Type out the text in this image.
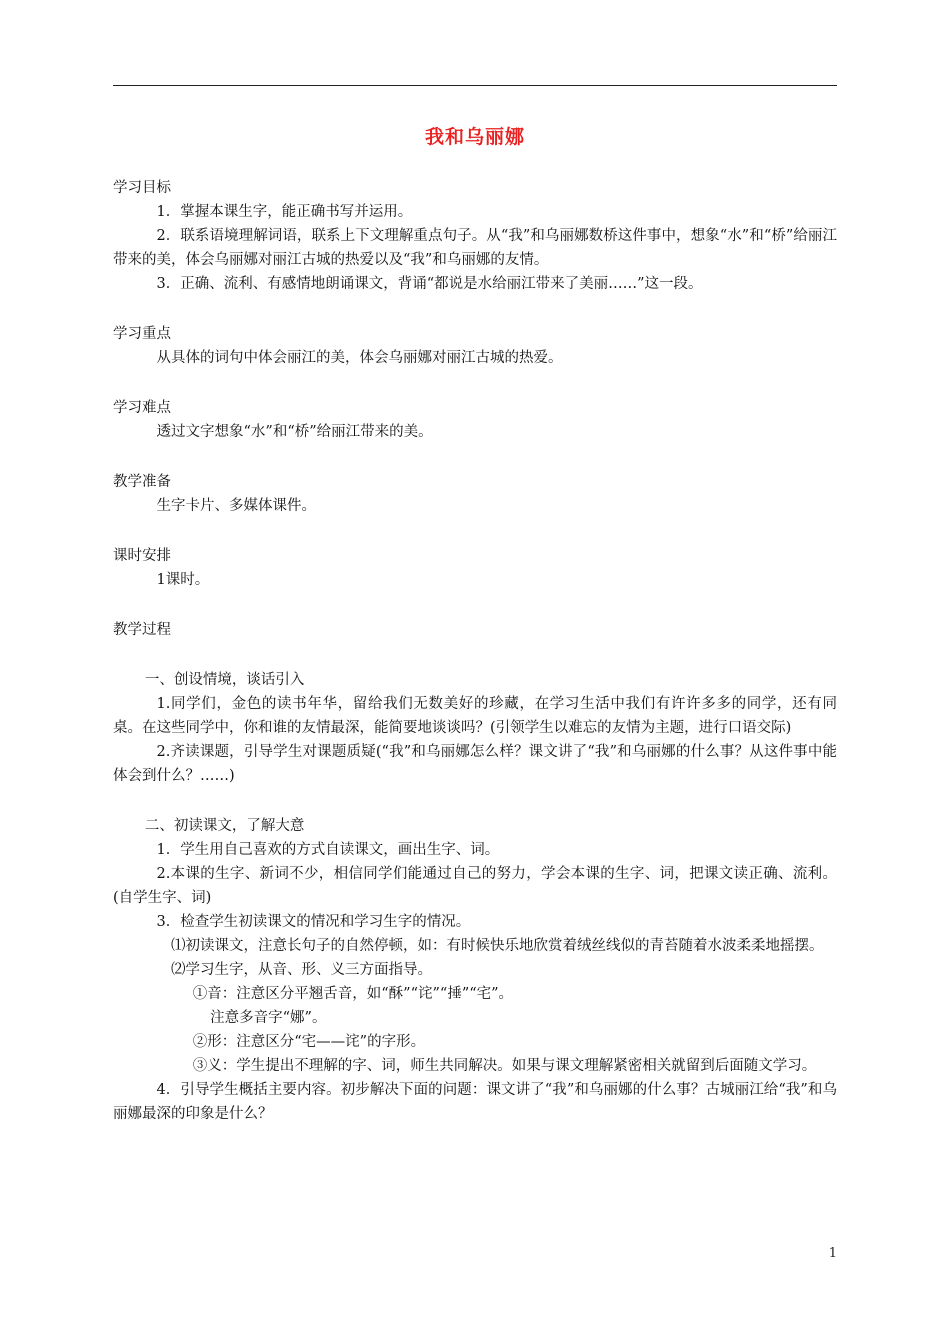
我和乌丽娜

学习目标

1．掌握本课生字，能正确书写并运用。

2．联系语境理解词语，联系上下文理解重点句子。从“我”和乌丽娜数桥这件事中，想象“水”和“桥”给丽江带来的美，体会乌丽娜对丽江古城的热爱以及“我”和乌丽娜的友情。

3．正确、流利、有感情地朗诵课文，背诵“都说是水给丽江带来了美丽……”这一段。

学习重点

从具体的词句中体会丽江的美，体会乌丽娜对丽江古城的热爱。

学习难点

透过文字想象“水”和“桥”给丽江带来的美。

教学准备

生字卡片、多媒体课件。

课时安排

1课时。

教学过程

一、创设情境，谈话引入

1.同学们，金色的读书年华，留给我们无数美好的珍藏，在学习生活中我们有许许多多的同学，还有同桌。在这些同学中，你和谁的友情最深，能简要地谈谈吗？(引领学生以难忘的友情为主题，进行口语交际)

2.齐读课题，引导学生对课题质疑(“我”和乌丽娜怎么样？课文讲了“我”和乌丽娜的什么事？从这件事中能体会到什么？……)

二、初读课文，了解大意

1．学生用自己喜欢的方式自读课文，画出生字、词。

2.本课的生字、新词不少，相信同学们能通过自己的努力，学会本课的生字、词，把课文读正确、流利。(自学生字、词)

3．检查学生初读课文的情况和学习生字的情况。

⑴初读课文，注意长句子的自然停顿，如：有时候快乐地欣赏着绒丝线似的青苔随着水波柔柔地摇摆。

⑵学习生字，从音、形、义三方面指导。

①音：注意区分平翘舌音，如“酥”“诧”“捶”“宅”。

注意多音字“娜”。

②形：注意区分“宅——诧”的字形。

③义：学生提出不理解的字、词，师生共同解决。如果与课文理解紧密相关就留到后面随文学习。

4．引导学生概括主要内容。初步解决下面的问题：课文讲了“我”和乌丽娜的什么事？古城丽江给“我”和乌丽娜最深的印象是什么？

1
